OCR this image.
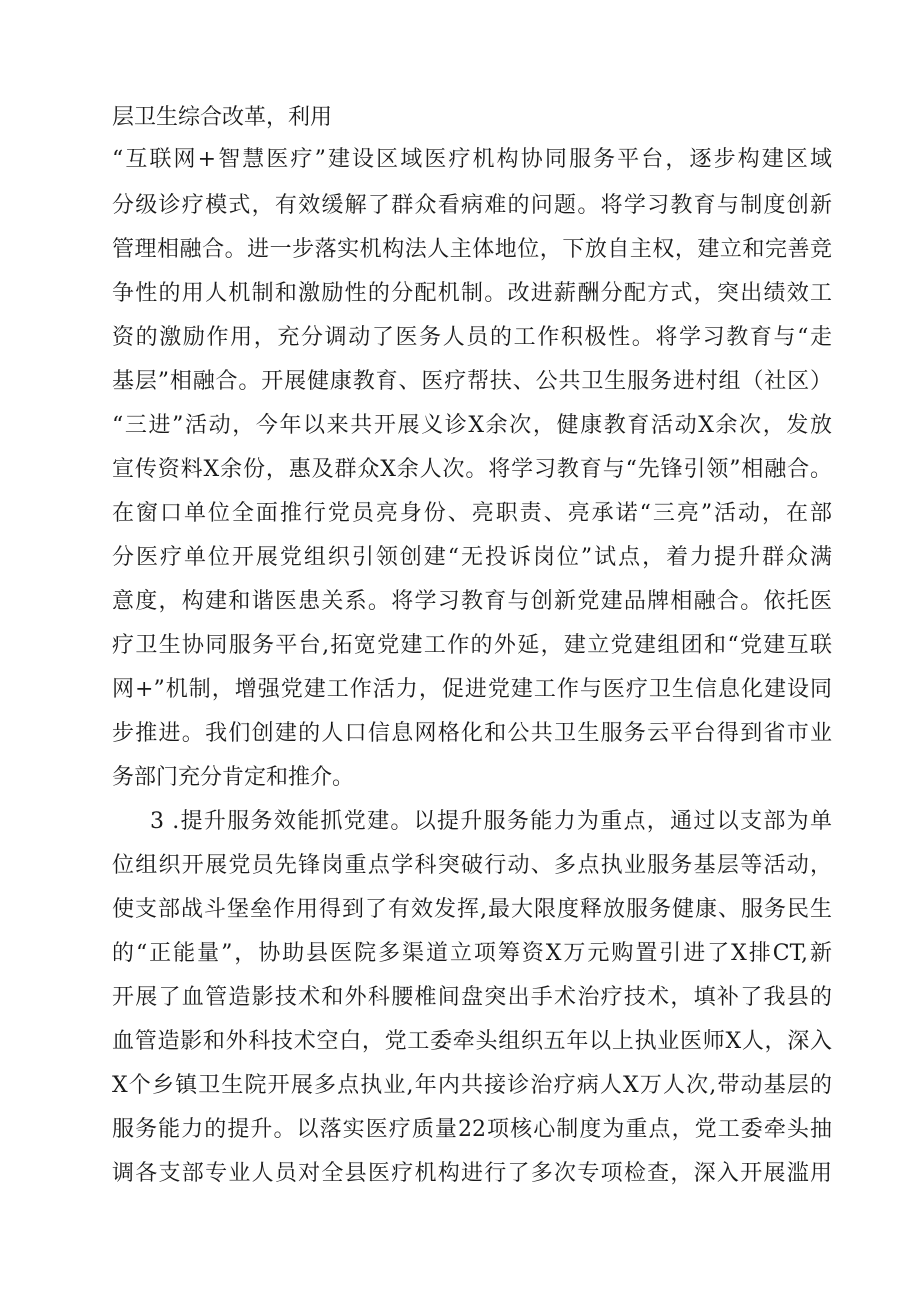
层卫生综合改革，利用
“互联网+智慧医疗”建设区域医疗机构协同服务平台，逐步构建区域
分级诊疗模式，有效缓解了群众看病难的问题。将学习教育与制度创新
管理相融合。进一步落实机构法人主体地位，下放自主权，建立和完善竞
争性的用人机制和激励性的分配机制。改进薪酬分配方式，突出绩效工
资的激励作用，充分调动了医务人员的工作积极性。将学习教育与“走
基层”相融合。开展健康教育、医疗帮扶、公共卫生服务进村组（社区）
“三进”活动，今年以来共开展义诊X余次，健康教育活动X余次，发放
宣传资料X余份，惠及群众X余人次。将学习教育与“先锋引领”相融合。
在窗口单位全面推行党员亮身份、亮职责、亮承诺“三亮”活动，在部
分医疗单位开展党组织引领创建“无投诉岗位”试点，着力提升群众满
意度，构建和谐医患关系。将学习教育与创新党建品牌相融合。依托医
疗卫生协同服务平台,拓宽党建工作的外延，建立党建组团和“党建互联
网+”机制，增强党建工作活力，促进党建工作与医疗卫生信息化建设同
步推进。我们创建的人口信息网格化和公共卫生服务云平台得到省市业
务部门充分肯定和推介。
3 .提升服务效能抓党建。以提升服务能力为重点，通过以支部为单
位组织开展党员先锋岗重点学科突破行动、多点执业服务基层等活动，
使支部战斗堡垒作用得到了有效发挥,最大限度释放服务健康、服务民生
的“正能量”，协助县医院多渠道立项筹资X万元购置引进了X排CT,新
开展了血管造影技术和外科腰椎间盘突出手术治疗技术，填补了我县的
血管造影和外科技术空白，党工委牵头组织五年以上执业医师X人，深入
X个乡镇卫生院开展多点执业,年内共接诊治疗病人X万人次,带动基层的
服务能力的提升。以落实医疗质量22项核心制度为重点，党工委牵头抽
调各支部专业人员对全县医疗机构进行了多次专项检查，深入开展滥用
